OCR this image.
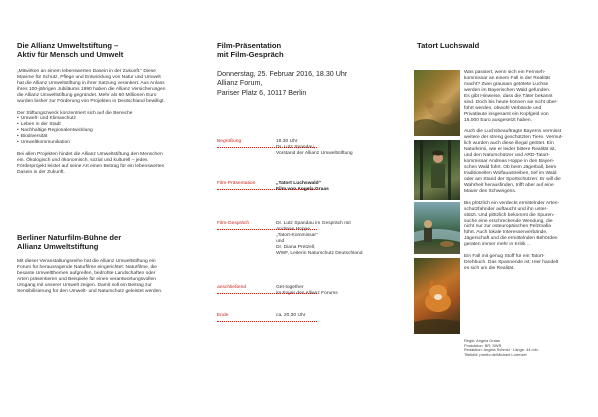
Die Allianz Umweltstiftung –
Aktiv für Mensch und Umwelt

„Mitwirken an einem lebenswerten Dasein in der Zukunft.“ Diese

Maxime für Schutz, Pflege und Entwicklung von Natur und Umwelt

hat die Allianz Umweltstiftung in ihrer Satzung verankert. Aus Anlass

ihres 100-jährigen Jubiläums 1990 haben die Allianz Versicherungen

die Allianz Umweltstiftung gegründet. Mehr als 60 Millionen Euro

wurden bisher zur Förderung von Projekten in Deutschland bewilligt.

Der Stiftungszweck konzentriert sich auf die Bereiche

• Umwelt- und Klimaschutz
• Leben in der Stadt
• Nachhaltige Regionalentwicklung
• Biodiversität
• Umweltkommunikation

Bei allen Projekten hindet die Allianz Umweltstiftung den Menschen

ein. Ökologisch und ökonomisch, sozial und kulturell – jedes

Förderprojekt leistet auf seine Art einen Beitrag für ein lebenswertes

Dasein in der Zukunft.

Berliner Naturfilm-Bühne der
Allianz Umweltstiftung

Mit dieser Veranstaltungsreihe hat die Allianz Umweltstiftung ein

Forum für herausragende Naturfilme eingerichtet: Naturfilme, die

besante Umweltthemen aufgreifen, bedrohte Landschaften oder

Arten präsentieren und Beispiele für einen verantwortungsvollen

Umgang mit unserer Umwelt zeigen. Damit soll ein Beitrag zur

Sensibilisierung für den Umwelt- und Naturschutz geleistet werden.

Film-Präsentation
mit Film-Gespräch
Donnerstag, 25. Februar 2016, 18.30 Uhr
Allianz Forum,
Pariser Platz 6, 10117 Berlin
Begrüßung	18.30 Uhr
Dr. Lutz Spandau,
Vorstand der Allianz Umweltstiftung
Film-Präsentation	„Tatort Luchswald“
Film von Angela Graas
Film-Gespräch	Dr. Lutz Spandau im Gespräch mit
Andreas Hoppe,
„Tatort-Kommissar“
und
Dr. Diana Pretzell,
WWF, Leiterin Naturschutz Deutschland
anschließend	Get-together
im Foyer des Allianz Forums
Ende	ca. 20.30 Uhr
Tatort Luchswald
Was passiert, wenn sich ein Fernseh-
kommissar an einem Fall in der Realität
macht? Zwei grausam getötete Luchse
werden im Bayerischen Wald gefunden.
Es gibt Hinweise, dass die Täter bekannt
sind. Doch bis heute können sie nicht über-
führt werden, obwohl Verbände und
Privatleute insgesamt ein Kopfgeld von
15.000 Euro ausgesetzt haben.
Auch die Luchsbeauftragte Bayerns vermisst
weitere der streng geschützten Tiere. Vermut-
lich wurden auch diese illegal getötet. Ein
Naturkrimi, wie er leider bittere Realität ist,
und den Naturschützer und ARD-Tatort-
kommissar Andreas Hoppe in den Bayeri-
schen Wald führt. Ob beim Jägerball, beim
traditionellen Wolfauastreiben, tief im Wald
oder am Stand der Sportschützen: Er will die
Wahrheit herausfinden, trifft aber auf eine
Mauer des Schweigens.
Bis plötzlich ein verdeckt ermittelnder Arten-
schutzfahnder auftaucht und ihn unter-
stützt. Und plötzlich bekommt die Spuren-
suche eine erschreckende Wendung, die
nicht nur zur osteuropäischen Pelzmafia
führt. Auch lokale Interessenverbände,
Jägerschaft und die ermittelnden Behörden
geraten immer mehr in Kritik ...
Ein Fall mit genug Stoff für ein Tatort-
Drehbuch. Das Spannende ist: Hier handelt
es sich um die Realität.
Regie: Angela Graas
Produktion: BR, SWR
Redaktion: Angela Schmid · Länge: 44 min.
Titelbild: pixelio.de/Michael Lorenzet
